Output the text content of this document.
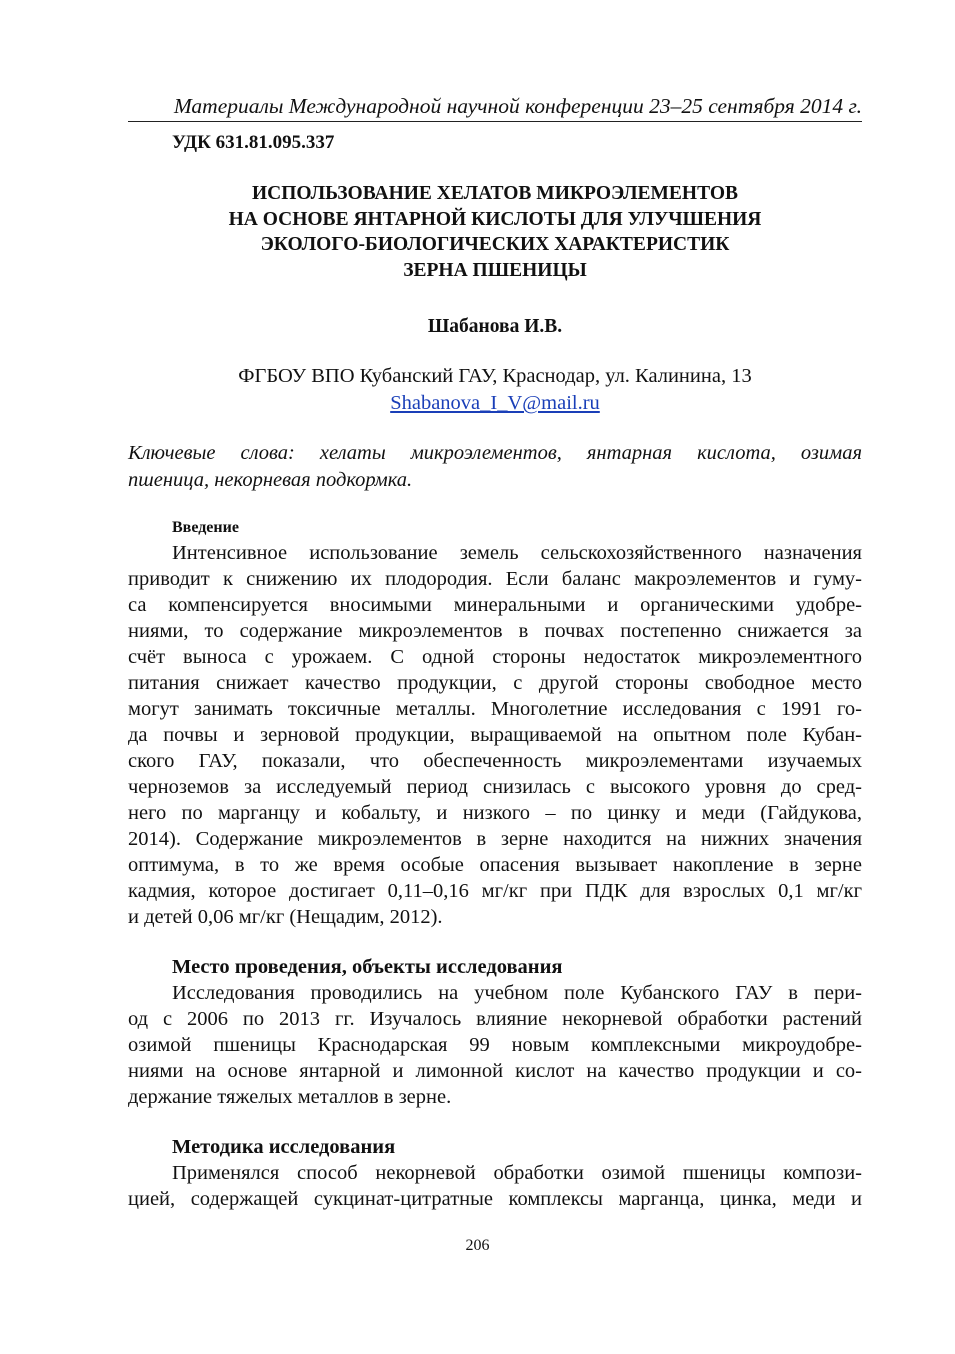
Материалы Международной научной конференции 23–25 сентября 2014 г.
УДК 631.81.095.337
ИСПОЛЬЗОВАНИЕ ХЕЛАТОВ МИКРОЭЛЕМЕНТОВ
НА ОСНОВЕ ЯНТАРНОЙ КИСЛОТЫ ДЛЯ УЛУЧШЕНИЯ
ЭКОЛОГО-БИОЛОГИЧЕСКИХ ХАРАКТЕРИСТИК
ЗЕРНА ПШЕНИЦЫ
Шабанова И.В.
ФГБОУ ВПО Кубанский ГАУ, Краснодар, ул. Калинина, 13
Shabanova_I_V@mail.ru
Ключевые слова: хелаты микроэлементов, янтарная кислота, озимая
пшеница, некорневая подкормка.
Введение
Интенсивное использование земель сельскохозяйственного назначения
приводит к снижению их плодородия. Если баланс макроэлементов и гуму-
са компенсируется вносимыми минеральными и органическими удобре-
ниями, то содержание микроэлементов в почвах постепенно снижается за
счёт выноса с урожаем. С одной стороны недостаток микроэлементного
питания снижает качество продукции, с другой стороны свободное место
могут занимать токсичные металлы. Многолетние исследования с 1991 го-
да почвы и зерновой продукции, выращиваемой на опытном поле Кубан-
ского ГАУ, показали, что обеспеченность микроэлементами изучаемых
черноземов за исследуемый период снизилась с высокого уровня до сред-
него по марганцу и кобальту, и низкого – по цинку и меди (Гайдукова,
2014). Содержание микроэлементов в зерне находится на нижних значения
оптимума, в то же время особые опасения вызывает накопление в зерне
кадмия, которое достигает 0,11–0,16 мг/кг при ПДК для взрослых 0,1 мг/кг
и детей 0,06 мг/кг (Нещадим, 2012).
Место проведения, объекты исследования
Исследования проводились на учебном поле Кубанского ГАУ в пери-
од с 2006 по 2013 гг. Изучалось влияние некорневой обработки растений
озимой пшеницы Краснодарская 99 новым комплексными микроудобре-
ниями на основе янтарной и лимонной кислот на качество продукции и со-
держание тяжелых металлов в зерне.
Методика исследования
Применялся способ некорневой обработки озимой пшеницы компози-
цией, содержащей сукцинат-цитратные комплексы марганца, цинка, меди и
206
